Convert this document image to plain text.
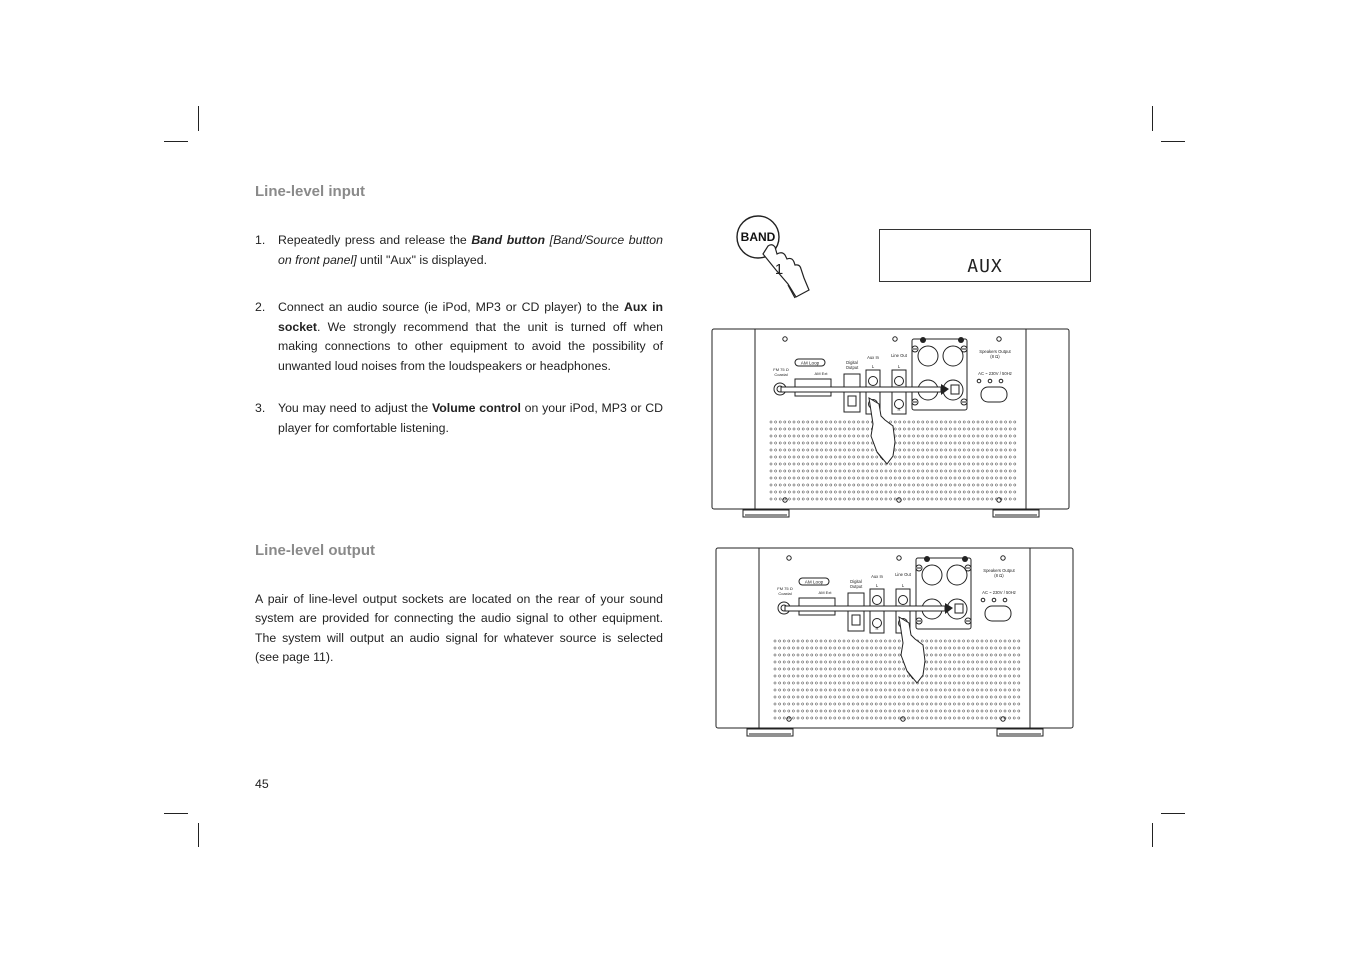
Line-level input
1. Repeatedly press and release the Band button [Band/Source button on front panel] until "Aux" is displayed.
2. Connect an audio source (ie iPod, MP3 or CD player) to the Aux in socket. We strongly recommend that the unit is turned off when making connections to other equipment to avoid the possibility of unwanted loud noises from the loudspeakers or headphones.
3. You may need to adjust the Volume control on your iPod, MP3 or CD player for comfortable listening.
Line-level output
A pair of line-level output sockets are located on the rear of your sound system are provided for connecting the audio signal to other equipment. The system will output an audio signal for whatever source is selected (see page 11).
45
BAND
1	AUX
AM Loop
FM 75 Ω
Coaxial	AM Ext
Digital
Output
Aux In	Line Out
L	L
R
Speakers Output
(8 Ω)
AC ~ 230V / 50Hz
AM Loop
FM 75 Ω
Coaxial	AM Ext
Digital
Output
Aux In	Line Out
L	L
R
Speakers Output
(8 Ω)
AC ~ 230V / 50Hz
